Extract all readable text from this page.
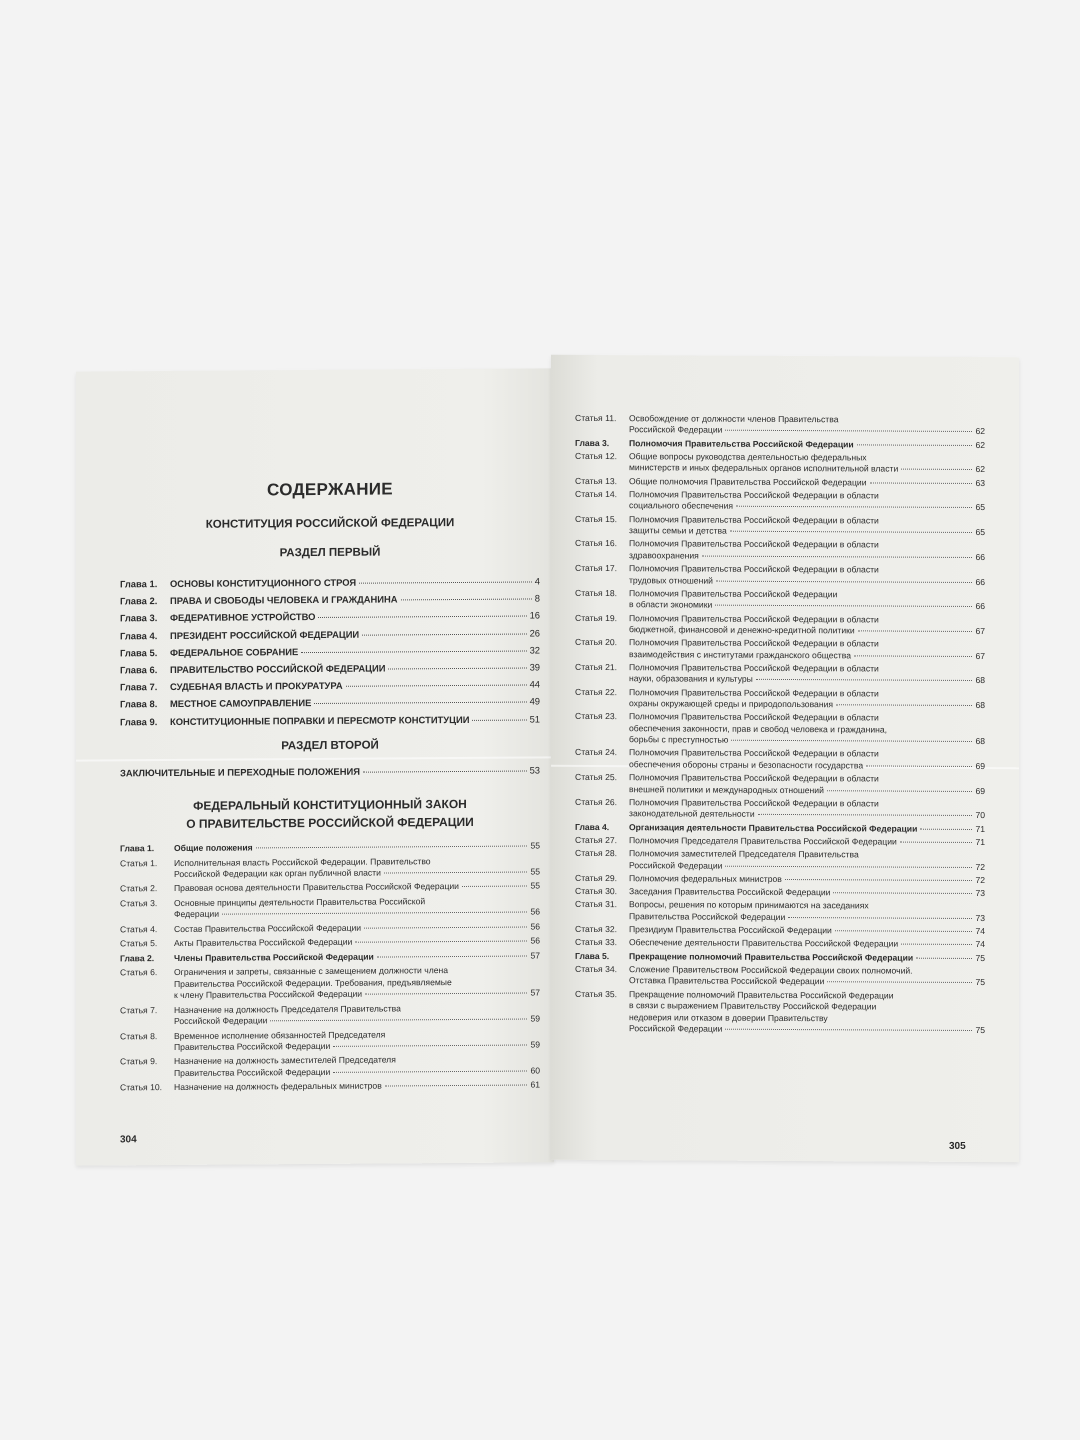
СОДЕРЖАНИЕ
КОНСТИТУЦИЯ РОССИЙСКОЙ ФЕДЕРАЦИИ
РАЗДЕЛ ПЕРВЫЙ
Глава 1.	ОСНОВЫ КОНСТИТУЦИОННОГО СТРОЯ	4
Глава 2.	ПРАВА И СВОБОДЫ ЧЕЛОВЕКА И ГРАЖДАНИНА	8
Глава 3.	ФЕДЕРАТИВНОЕ УСТРОЙСТВО	16
Глава 4.	ПРЕЗИДЕНТ РОССИЙСКОЙ ФЕДЕРАЦИИ	26
Глава 5.	ФЕДЕРАЛЬНОЕ СОБРАНИЕ	32
Глава 6.	ПРАВИТЕЛЬСТВО РОССИЙСКОЙ ФЕДЕРАЦИИ	39
Глава 7.	СУДЕБНАЯ ВЛАСТЬ И ПРОКУРАТУРА	44
Глава 8.	МЕСТНОЕ САМОУПРАВЛЕНИЕ	49
Глава 9.	КОНСТИТУЦИОННЫЕ ПОПРАВКИ И ПЕРЕСМОТР КОНСТИТУЦИИ	51
РАЗДЕЛ ВТОРОЙ
ЗАКЛЮЧИТЕЛЬНЫЕ И ПЕРЕХОДНЫЕ ПОЛОЖЕНИЯ	53
ФЕДЕРАЛЬНЫЙ КОНСТИТУЦИОННЫЙ ЗАКОН
О ПРАВИТЕЛЬСТВЕ РОССИЙСКОЙ ФЕДЕРАЦИИ
Глава 1.	Общие положения	55
Статья 1.	Исполнительная власть Российской Федерации. Правительство
Российской Федерации как орган публичной власти	55
Статья 2.	Правовая основа деятельности Правительства Российской Федерации	55
Статья 3.	Основные принципы деятельности Правительства Российской
Федерации	56
Статья 4.	Состав Правительства Российской Федерации	56
Статья 5.	Акты Правительства Российской Федерации	56
Глава 2.	Члены Правительства Российской Федерации	57
Статья 6.	Ограничения и запреты, связанные с замещением должности члена
Правительства Российской Федерации. Требования, предъявляемые
к члену Правительства Российской Федерации	57
Статья 7.	Назначение на должность Председателя Правительства
Российской Федерации	59
Статья 8.	Временное исполнение обязанностей Председателя
Правительства Российской Федерации	59
Статья 9.	Назначение на должность заместителей Председателя
Правительства Российской Федерации	60
Статья 10.	Назначение на должность федеральных министров	61
304
Статья 11.	Освобождение от должности членов Правительства
Российской Федерации	62
Глава 3.	Полномочия Правительства Российской Федерации	62
Статья 12.	Общие вопросы руководства деятельностью федеральных
министерств и иных федеральных органов исполнительной власти	62
Статья 13.	Общие полномочия Правительства Российской Федерации	63
Статья 14.	Полномочия Правительства Российской Федерации в области
социального обеспечения	65
Статья 15.	Полномочия Правительства Российской Федерации в области
защиты семьи и детства	65
Статья 16.	Полномочия Правительства Российской Федерации в области
здравоохранения	66
Статья 17.	Полномочия Правительства Российской Федерации в области
трудовых отношений	66
Статья 18.	Полномочия Правительства Российской Федерации
в области экономики	66
Статья 19.	Полномочия Правительства Российской Федерации в области
бюджетной, финансовой и денежно-кредитной политики	67
Статья 20.	Полномочия Правительства Российской Федерации в области
взаимодействия с институтами гражданского общества	67
Статья 21.	Полномочия Правительства Российской Федерации в области
науки, образования и культуры	68
Статья 22.	Полномочия Правительства Российской Федерации в области
охраны окружающей среды и природопользования	68
Статья 23.	Полномочия Правительства Российской Федерации в области
обеспечения законности, прав и свобод человека и гражданина,
борьбы с преступностью	68
Статья 24.	Полномочия Правительства Российской Федерации в области
обеспечения обороны страны и безопасности государства	69
Статья 25.	Полномочия Правительства Российской Федерации в области
внешней политики и международных отношений	69
Статья 26.	Полномочия Правительства Российской Федерации в области
законодательной деятельности	70
Глава 4.	Организация деятельности Правительства Российской Федерации	71
Статья 27.	Полномочия Председателя Правительства Российской Федерации	71
Статья 28.	Полномочия заместителей Председателя Правительства
Российской Федерации	72
Статья 29.	Полномочия федеральных министров	72
Статья 30.	Заседания Правительства Российской Федерации	73
Статья 31.	Вопросы, решения по которым принимаются на заседаниях
Правительства Российской Федерации	73
Статья 32.	Президиум Правительства Российской Федерации	74
Статья 33.	Обеспечение деятельности Правительства Российской Федерации	74
Глава 5.	Прекращение полномочий Правительства Российской Федерации	75
Статья 34.	Сложение Правительством Российской Федерации своих полномочий.
Отставка Правительства Российской Федерации	75
Статья 35.	Прекращение полномочий Правительства Российской Федерации
в связи с выражением Правительству Российской Федерации
недоверия или отказом в доверии Правительству
Российской Федерации	75
305
